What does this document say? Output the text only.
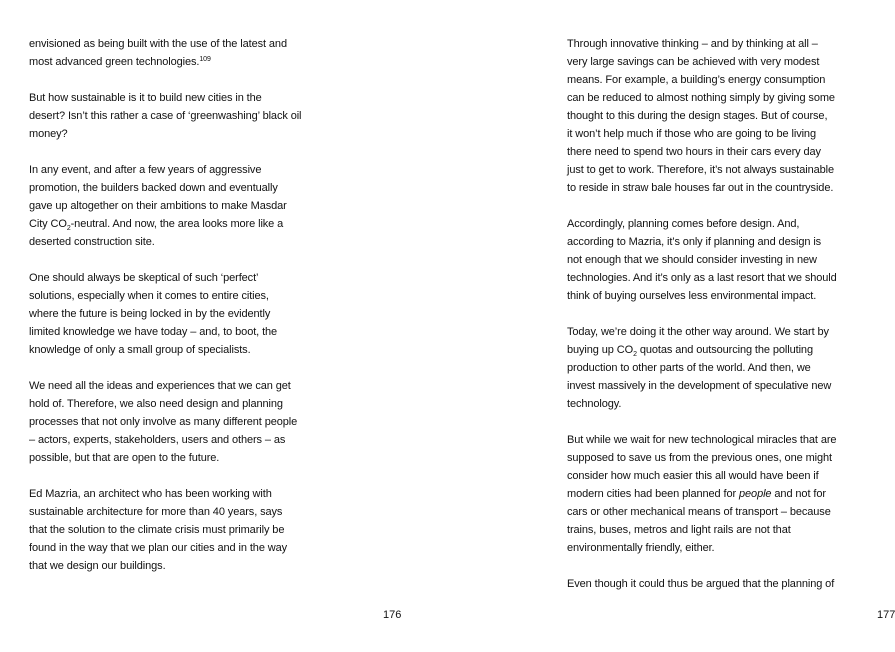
envisioned as being built with the use of the latest and
most advanced green technologies.$^{109}$
But how sustainable is it to build new cities in the
desert? Isn’t this rather a case of ‘greenwashing’ black oil
money?
In any event, and after a few years of aggressive
promotion, the builders backed down and eventually
gave up altogether on their ambitions to make Masdar
City $CO_2$-neutral. And now, the area looks more like a
deserted construction site.
One should always be skeptical of such ‘perfect’
solutions, especially when it comes to entire cities,
where the future is being locked in by the evidently
limited knowledge we have today – and, to boot, the
knowledge of only a small group of specialists.
We need all the ideas and experiences that we can get
hold of. Therefore, we also need design and planning
processes that not only involve as many different people
– actors, experts, stakeholders, users and others – as
possible, but that are open to the future.
Ed Mazria, an architect who has been working with
sustainable architecture for more than 40 years, says
that the solution to the climate crisis must primarily be
found in the way that we plan our cities and in the way
that we design our buildings.
176
Through innovative thinking – and by thinking at all –
very large savings can be achieved with very modest
means. For example, a building’s energy consumption
can be reduced to almost nothing simply by giving some
thought to this during the design stages. But of course,
it won’t help much if those who are going to be living
there need to spend two hours in their cars every day
just to get to work. Therefore, it’s not always sustainable
to reside in straw bale houses far out in the countryside.
Accordingly, planning comes before design. And,
according to Mazria, it’s only if planning and design is
not enough that we should consider investing in new
technologies. And it’s only as a last resort that we should
think of buying ourselves less environmental impact.
Today, we’re doing it the other way around. We start by
buying up $CO_2$ quotas and outsourcing the polluting
production to other parts of the world. And then, we
invest massively in the development of speculative new
technology.
But while we wait for new technological miracles that are
supposed to save us from the previous ones, one might
consider how much easier this all would have been if
modern cities had been planned for people and not for
cars or other mechanical means of transport – because
trains, buses, metros and light rails are not that
environmentally friendly, either.
Even though it could thus be argued that the planning of
177
